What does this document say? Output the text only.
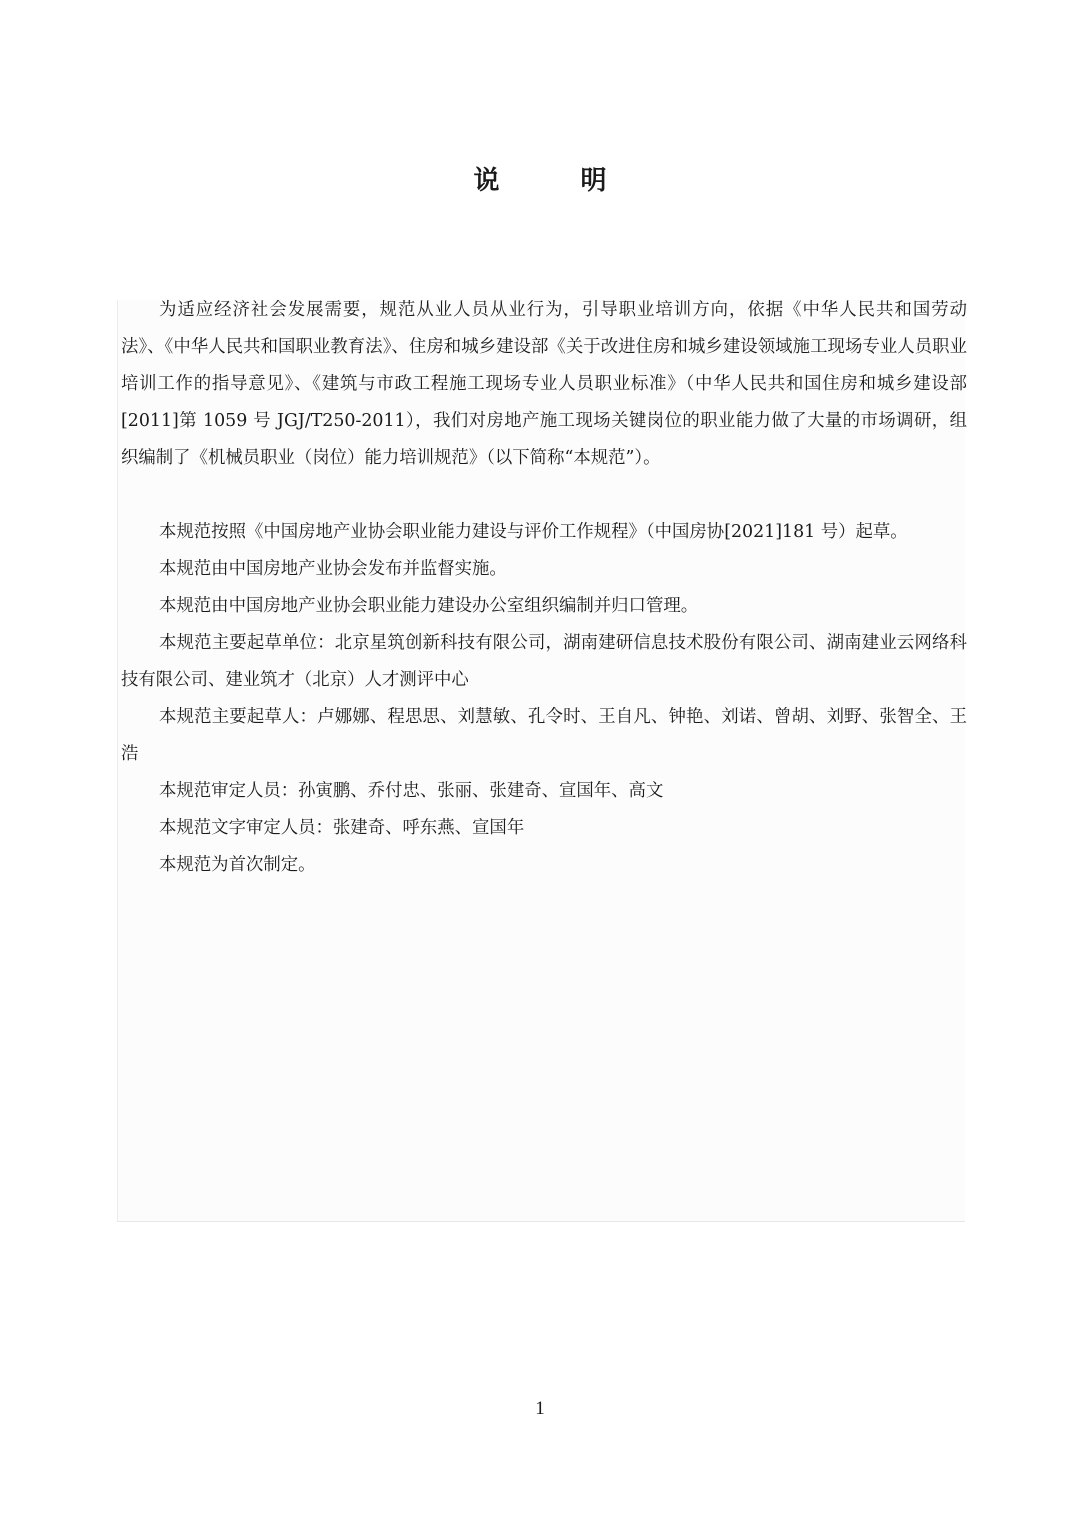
说 明

为适应经济社会发展需要，规范从业人员从业行为，引导职业培训方向，依据《中华人民共和国劳动法》、《中华人民共和国职业教育法》、住房和城乡建设部《关于改进住房和城乡建设领域施工现场专业人员职业培训工作的指导意见》、《建筑与市政工程施工现场专业人员职业标准》（中华人民共和国住房和城乡建设部[2011]第 1059 号 JGJ/T250-2011），我们对房地产施工现场关键岗位的职业能力做了大量的市场调研，组织编制了《机械员职业（岗位）能力培训规范》（以下简称“本规范”）。

本规范按照《中国房地产业协会职业能力建设与评价工作规程》（中国房协[2021]181 号）起草。

本规范由中国房地产业协会发布并监督实施。

本规范由中国房地产业协会职业能力建设办公室组织编制并归口管理。

本规范主要起草单位：北京星筑创新科技有限公司，湖南建研信息技术股份有限公司、湖南建业云网络科技有限公司、建业筑才（北京）人才测评中心

本规范主要起草人：卢娜娜、程思思、刘慧敏、孔令时、王自凡、钟艳、刘诺、曾胡、刘野、张智全、王浩

本规范审定人员：孙寅鹏、乔付忠、张丽、张建奇、宣国年、高文

本规范文字审定人员：张建奇、呼东燕、宣国年

本规范为首次制定。

1
